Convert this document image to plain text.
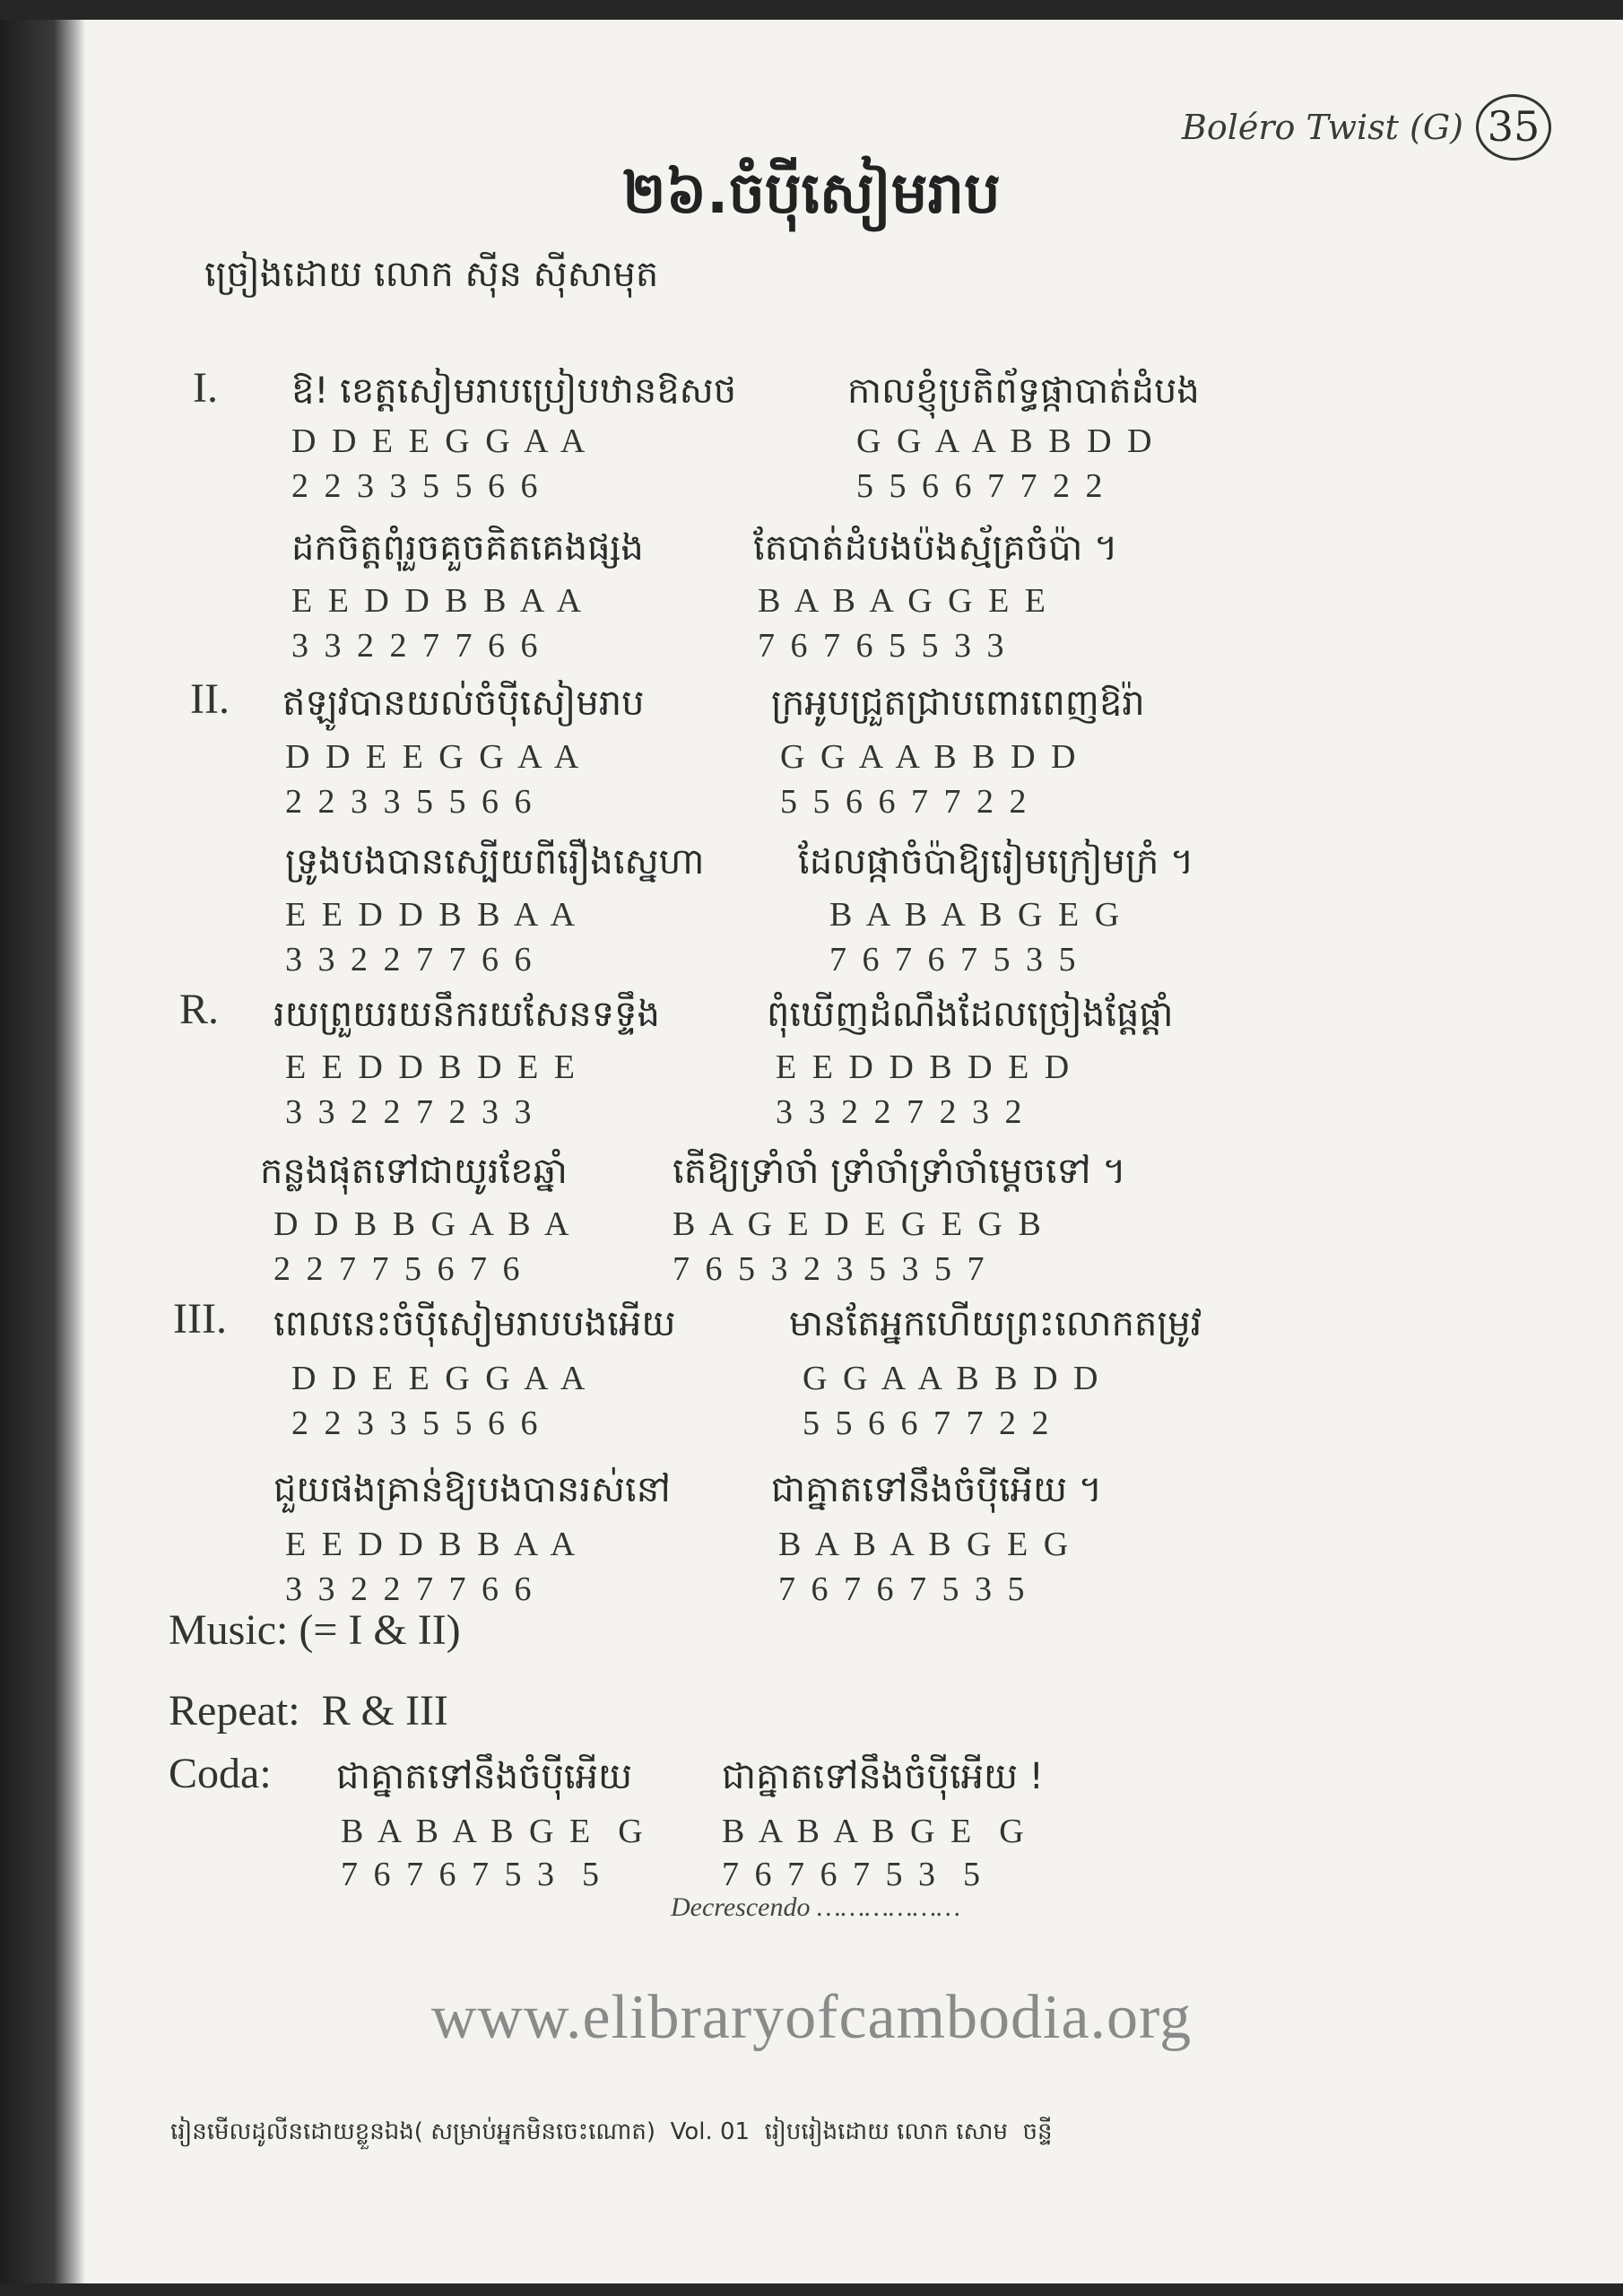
Boléro Twist (G) 35
២៦.ចំប៉ីសៀមរាប
ច្រៀងដោយ លោក ស៊ីន ស៊ីសាមុត
I. ឱ! ខេត្តសៀមរាបប្រៀបឋានឱសថ
D D E E G G A A
2 2 3 3 5 5 6 6
កាលខ្ញុំប្រតិព័ទ្ធផ្កាបាត់ដំបង
G G A A B B D D
5 5 6 6 7 7 2 2
ដកចិត្តពុំរួចគួចគិតគេងផ្សង
E E D D B B A A
3 3 2 2 7 7 6 6
តែបាត់ដំបងប៉ងស្ម័គ្រចំប៉ា ។
B A B A G G E E
7 6 7 6 5 5 3 3
II. ឥឡូវបានយល់ចំប៉ីសៀមរាប
D D E E G G A A
2 2 3 3 5 5 6 6
ក្រអូបជ្រួតជ្រាបពោរពេញឱរ៉ា
G G A A B B D D
5 5 6 6 7 7 2 2
ទ្រូងបងបានស្បើយពីរឿងស្នេហា
E E D D B B A A
3 3 2 2 7 7 6 6
ដែលផ្កាចំប៉ាឱ្យរៀមក្រៀមក្រំ ។
B A B A B G E G
7 6 7 6 7 5 3 5
R. រយព្រួយរយនឹករយសែនទទ្ទឹង
E E D D B D E E
3 3 2 2 7 2 3 3
ពុំឃើញដំណឹងដែលច្រៀងផ្ដែផ្ដាំ
E E D D B D E D
3 3 2 2 7 2 3 2
កន្លងផុតទៅជាយូរខែឆ្នាំ
D D B B G A B A
2 2 7 7 5 6 7 6
តើឱ្យទ្រាំចាំ ទ្រាំចាំទ្រាំចាំម្ដេចទៅ ។
B A G E D E G E G B
7 6 5 3 2 3 5 3 5 7
III. ពេលនេះចំប៉ីសៀមរាបបងអើយ
D D E E G G A A
2 2 3 3 5 5 6 6
មានតែអ្នកហើយព្រះលោកតម្រូវ
G G A A B B D D
5 5 6 6 7 7 2 2
ជួយផងគ្រាន់ឱ្យបងបានរស់នៅ
E E D D B B A A
3 3 2 2 7 7 6 6
ជាគ្នាតទៅនឹងចំប៉ីអើយ ។
B A B A B G E G
7 6 7 6 7 5 3 5
Music: (= I & II)
Repeat:  R & III
Coda: ជាគ្នាតទៅនឹងចំប៉ីអើយ ជាគ្នាតទៅនឹងចំប៉ីអើយ !
B A B A B G E  G
7 6 7 6 7 5 3  5
B A B A B G E  G
7 6 7 6 7 5 3  5
Decrescendo ………………
www.elibraryofcambodia.org
រៀនមើលដូលីនដោយខ្លួនឯង( សម្រាប់អ្នកមិនចេះណោត)  Vol. 01  រៀបរៀងដោយ លោក សោម  ចន្ទី
